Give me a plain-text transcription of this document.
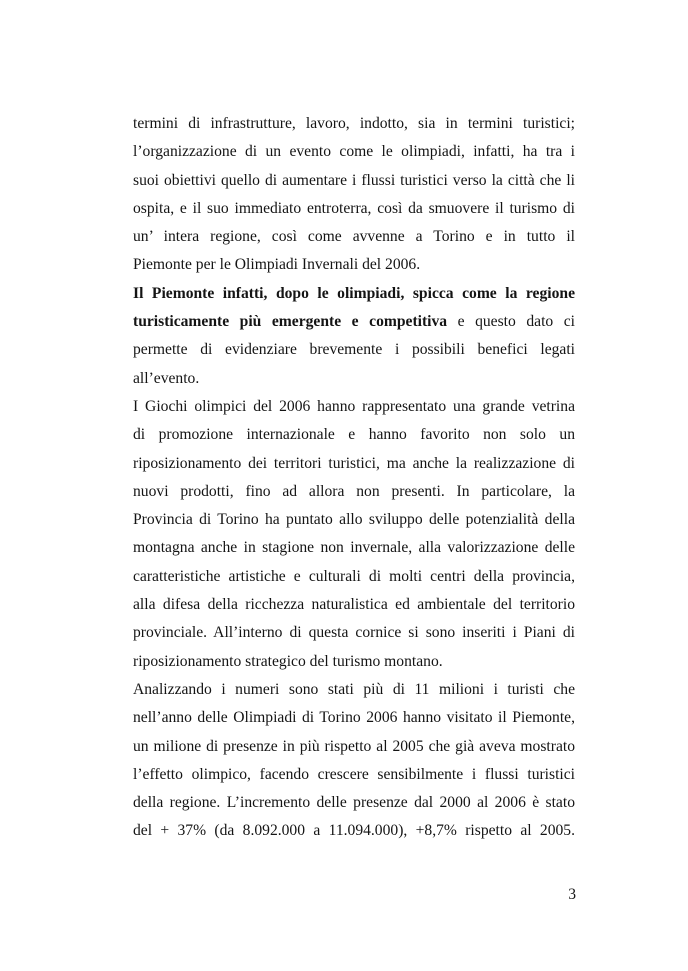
termini di infrastrutture, lavoro, indotto, sia in termini turistici;
l’organizzazione di un evento come le olimpiadi, infatti, ha tra i
suoi obiettivi quello di aumentare i flussi turistici verso la città che li
ospita, e il suo immediato entroterra, così da smuovere il turismo di
un’ intera regione, così come avvenne a Torino e in tutto il
Piemonte per le Olimpiadi Invernali del 2006.
Il Piemonte infatti, dopo le olimpiadi, spicca come la regione
turisticamente più emergente e competitiva e questo dato ci
permette di evidenziare brevemente i possibili benefici legati
all’evento.
I Giochi olimpici del 2006 hanno rappresentato una grande vetrina
di promozione internazionale e hanno favorito non solo un
riposizionamento dei territori turistici, ma anche la realizzazione di
nuovi prodotti, fino ad allora non presenti. In particolare, la
Provincia di Torino ha puntato allo sviluppo delle potenzialità della
montagna anche in stagione non invernale, alla valorizzazione delle
caratteristiche artistiche e culturali di molti centri della provincia,
alla difesa della ricchezza naturalistica ed ambientale del territorio
provinciale. All’interno di questa cornice si sono inseriti i Piani di
riposizionamento strategico del turismo montano.
Analizzando i numeri sono stati più di 11 milioni i turisti che
nell’anno delle Olimpiadi di Torino 2006 hanno visitato il Piemonte,
un milione di presenze in più rispetto al 2005 che già aveva mostrato
l’effetto olimpico, facendo crescere sensibilmente i flussi turistici
della regione. L’incremento delle presenze dal 2000 al 2006 è stato
del + 37% (da 8.092.000 a 11.094.000), +8,7% rispetto al 2005.
3
